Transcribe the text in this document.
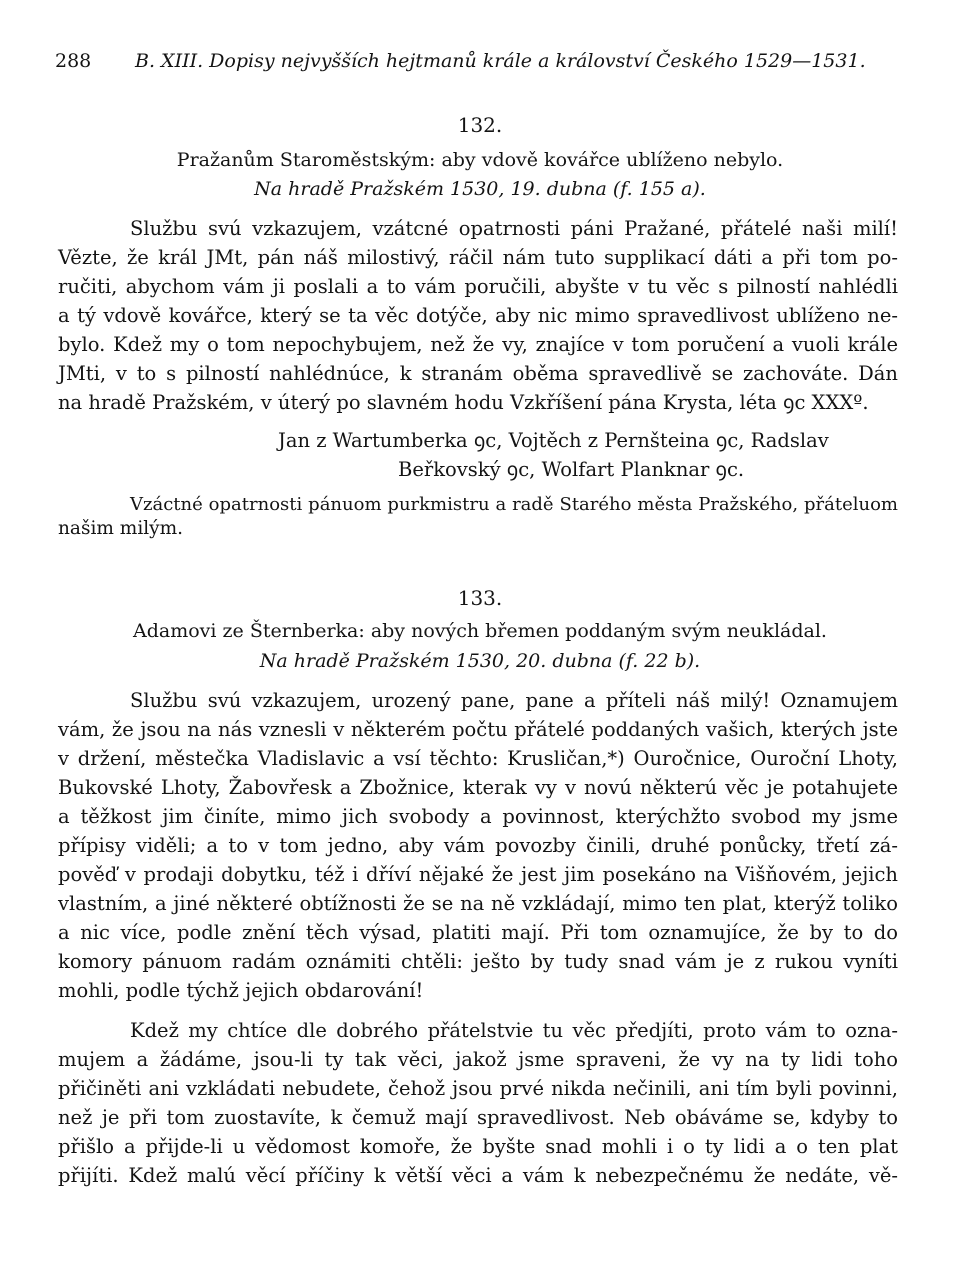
288 B. XIII. Dopisy nejvyšších hejtmanů krále a království Českého 1529—1531.
132.
Pražanům Staroměstským: aby vdově kovářce ublíženo nebylo.
Na hradě Pražském 1530, 19. dubna (f. 155 a).
Službu svú vzkazujem, vzátcné opatrnosti páni Pražané, přátelé naši milí!
Vězte, že král JMt, pán náš milostivý, ráčil nám tuto supplikací dáti a při tom po-
ručiti, abychom vám ji poslali a to vám poručili, abyšte v tu věc s pilností nahlédli
a tý vdově kovářce, který se ta věc dotýče, aby nic mimo spravedlivost ublíženo ne-
bylo. Kdež my o tom nepochybujem, než že vy, znajíce v tom poručení a vuoli krále
JMti, v to s pilností nahlédnúce, k stranám oběma spravedlivě se zachováte. Dán
na hradě Pražském, v úterý po slavném hodu Vzkříšení pána Krysta, léta ꝯc XXXº.
Jan z Wartumberka ꝯc, Vojtěch z Pernšteina ꝯc, Radslav
Beřkovský ꝯc, Wolfart Planknar ꝯc.
Vzáctné opatrnosti pánuom purkmistru a radě Starého města Pražského, přáteluom
našim milým.
133.
Adamovi ze Šternberka: aby nových břemen poddaným svým neukládal.
Na hradě Pražském 1530, 20. dubna (f. 22 b).
Službu svú vzkazujem, urozený pane, pane a příteli náš milý! Oznamujem
vám, že jsou na nás vznesli v některém počtu přátelé poddaných vašich, kterých jste
v držení, městečka Vladislavic a vsí těchto: Krusličan,*) Ouročnice, Ouroční Lhoty,
Bukovské Lhoty, Žabovřesk a Zbožnice, kterak vy v novú některú věc je potahujete
a těžkost jim činíte, mimo jich svobody a povinnost, kterýchžto svobod my jsme
přípisy viděli; a to v tom jedno, aby vám povozby činili, druhé ponůcky, třetí zá-
pověď v prodaji dobytku, též i dříví nějaké že jest jim posekáno na Višňovém, jejich
vlastním, a jiné některé obtížnosti že se na ně vzkládají, mimo ten plat, kterýž toliko
a nic více, podle znění těch výsad, platiti mají. Při tom oznamujíce, že by to do
komory pánuom radám oznámiti chtěli: ješto by tudy snad vám je z rukou vyníti
mohli, podle týchž jejich obdarování!
Kdež my chtíce dle dobrého přátelstvie tu věc předjíti, proto vám to ozna-
mujem a žádáme, jsou-li ty tak věci, jakož jsme spraveni, že vy na ty lidi toho
přičiněti ani vzkládati nebudete, čehož jsou prvé nikda nečinili, ani tím byli povinni,
než je při tom zuostavíte, k čemuž mají spravedlivost. Neb obáváme se, kdyby to
přišlo a přijde-li u vědomost komoře, že byšte snad mohli i o ty lidi a o ten plat
přijíti. Kdež malú věcí příčiny k větší věci a vám k nebezpečnému že nedáte, vě-
